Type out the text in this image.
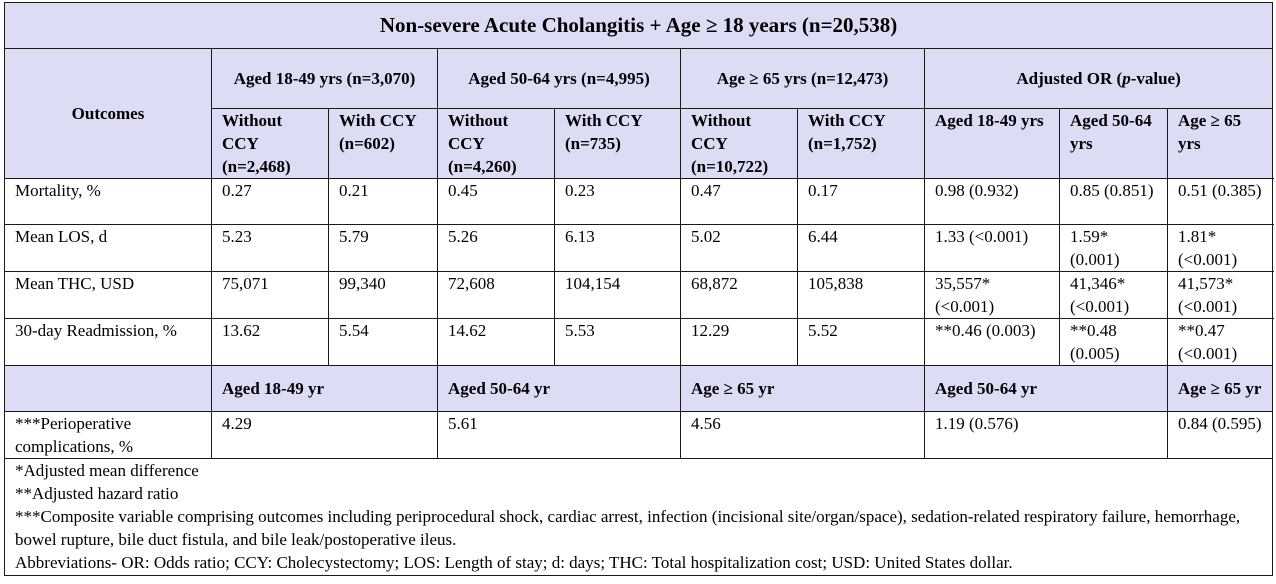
Non-severe Acute Cholangitis + Age ≥ 18 years (n=20,538)									
Outcomes	Aged 18-49 yrs (n=3,070)		Aged 50-64 yrs (n=4,995)		Age ≥ 65 yrs (n=12,473)		Adjusted OR (p-value)		
	Without CCY (n=2,468)	With CCY (n=602)	Without CCY (n=4,260)	With CCY (n=735)	Without CCY (n=10,722)	With CCY (n=1,752)	Aged 18-49 yrs	Aged 50-64 yrs	Age ≥ 65 yrs
Mortality, %	0.27	0.21	0.45	0.23	0.47	0.17	0.98 (0.932)	0.85 (0.851)	0.51 (0.385)
Mean LOS, d	5.23	5.79	5.26	6.13	5.02	6.44	1.33 (<0.001)	1.59* (0.001)	1.81* (<0.001)
Mean THC, USD	75,071	99,340	72,608	104,154	68,872	105,838	35,557* (<0.001)	41,346* (<0.001)	41,573* (<0.001)
30-day Readmission, %	13.62	5.54	14.62	5.53	12.29	5.52	**0.46 (0.003)	**0.48 (0.005)	**0.47 (<0.001)
	Aged 18-49 yr		Aged 50-64 yr		Age ≥ 65 yr		Aged 50-64 yr		Age ≥ 65 yr
***Perioperative complications, %	4.29		5.61		4.56		1.19 (0.576)		0.84 (0.595)

*Adjusted mean difference
**Adjusted hazard ratio
***Composite variable comprising outcomes including periprocedural shock, cardiac arrest, infection (incisional site/organ/space), sedation-related respiratory failure, hemorrhage, bowel rupture, bile duct fistula, and bile leak/postoperative ileus.
Abbreviations- OR: Odds ratio; CCY: Cholecystectomy; LOS: Length of stay; d: days; THC: Total hospitalization cost; USD: United States dollar.									
